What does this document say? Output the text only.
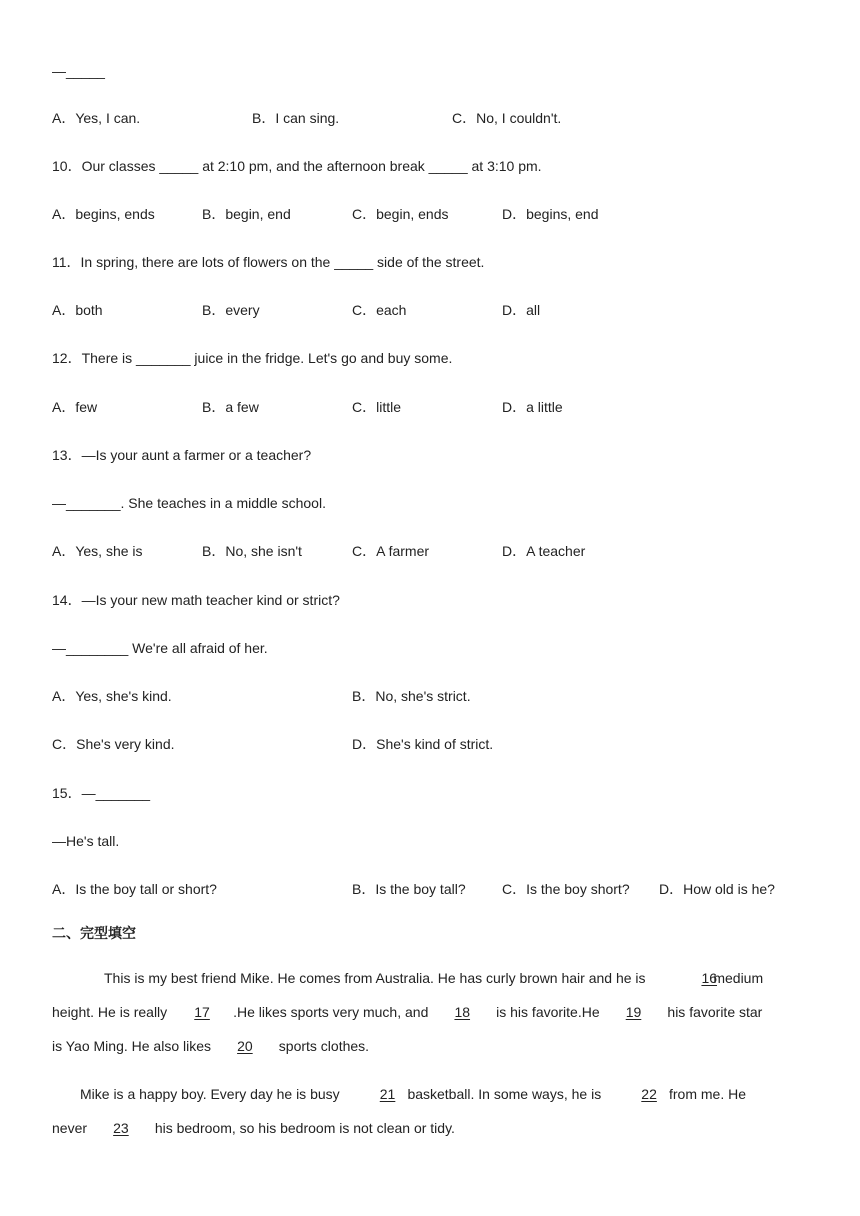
—_____
A．Yes, I can.	B．I can sing.	C．No, I couldn't.
10．Our classes _____ at 2:10 pm, and the afternoon break _____ at 3:10 pm.
A．begins, ends	B．begin, end	C．begin, ends	D．begins, end
11．In spring, there are lots of flowers on the _____ side of the street.
A．both	B．every	C．each	D．all
12．There is _______ juice in the fridge. Let's go and buy some.
A．few	B．a few	C．little	D．a little
13．—Is your aunt a farmer or a teacher?
—_______. She teaches in a middle school.
A．Yes, she is	B．No, she isn't	C．A farmer	D．A teacher
14．—Is your new math teacher kind or strict?
—________ We're all afraid of her.
A．Yes, she's kind.	B．No, she's strict.
C．She's very kind.	D．She's kind of strict.
15．—_______
—He's tall.
A．Is the boy tall or short?	B．Is the boy tall?	C．Is the boy short? D．How old is he?
二、完型填空
This is my best friend Mike. He comes from Australia. He has curly brown hair and he is	16 medium
height. He is really 17 .He likes sports very much, and 18 is his favorite.He 19 his favorite star
is Yao Ming. He also likes 20 sports clothes.
Mike is a happy boy. Every day he is busy	21 basketball. In some ways, he is	22 from me. He
never 23 his bedroom, so his bedroom is not clean or tidy.
